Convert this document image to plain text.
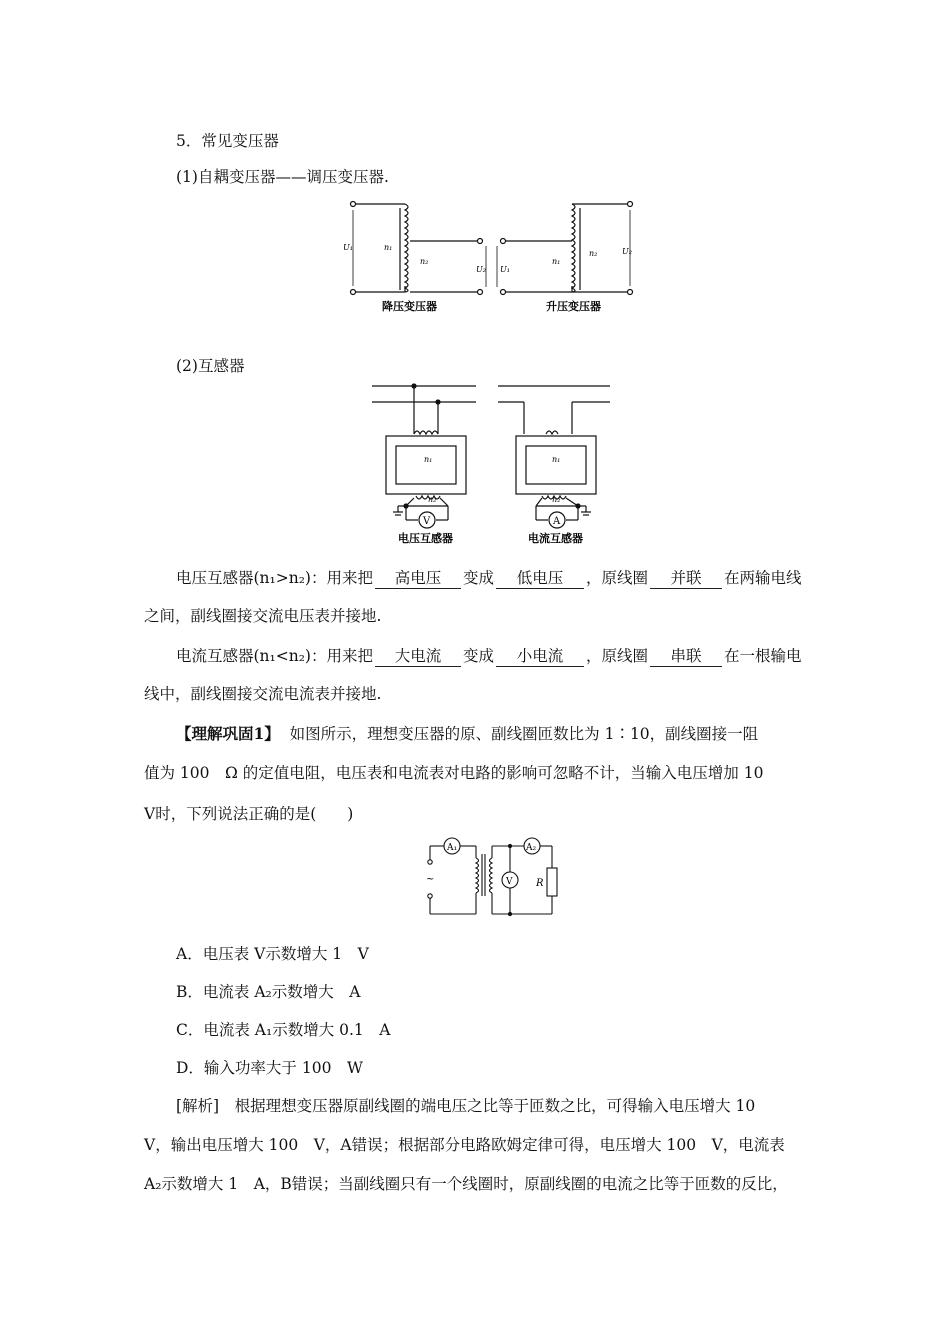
5．常见变压器
(1)自耦变压器——调压变压器.
U₁	n₁
n₂
U₂ U₁
n₁
n₂	U₂
降压变压器	升压变压器
(2)互感器
n₁
n₂
V
n₁
n₂
A
电压互感器	电流互感器
电压互感器(n₁>n₂)：用来把 高电压 变成 低电压 ，原线圈 并联 在两输电线
之间，副线圈接交流电压表并接地.
电流互感器(n₁<n₂)：用来把 大电流 变成 小电流 ，原线圈 串联 在一根输电
线中，副线圈接交流电流表并接地.
【理解巩固1】 如图所示，理想变压器的原、副线圈匝数比为 1∶10，副线圈接一阻
值为 100　Ω 的定值电阻，电压表和电流表对电路的影响可忽略不计，当输入电压增加 10
V时，下列说法正确的是(　　)
A₁	A₂
V R
~
A．电压表 V示数增大 1　V
B．电流表 A₂示数增大　A
C．电流表 A₁示数增大 0.1　A
D．输入功率大于 100　W
[解析]　根据理想变压器原副线圈的端电压之比等于匝数之比，可得输入电压增大 10
V，输出电压增大 100　V，A错误；根据部分电路欧姆定律可得，电压增大 100　V，电流表
A₂示数增大 1　A，B错误；当副线圈只有一个线圈时，原副线圈的电流之比等于匝数的反比，
